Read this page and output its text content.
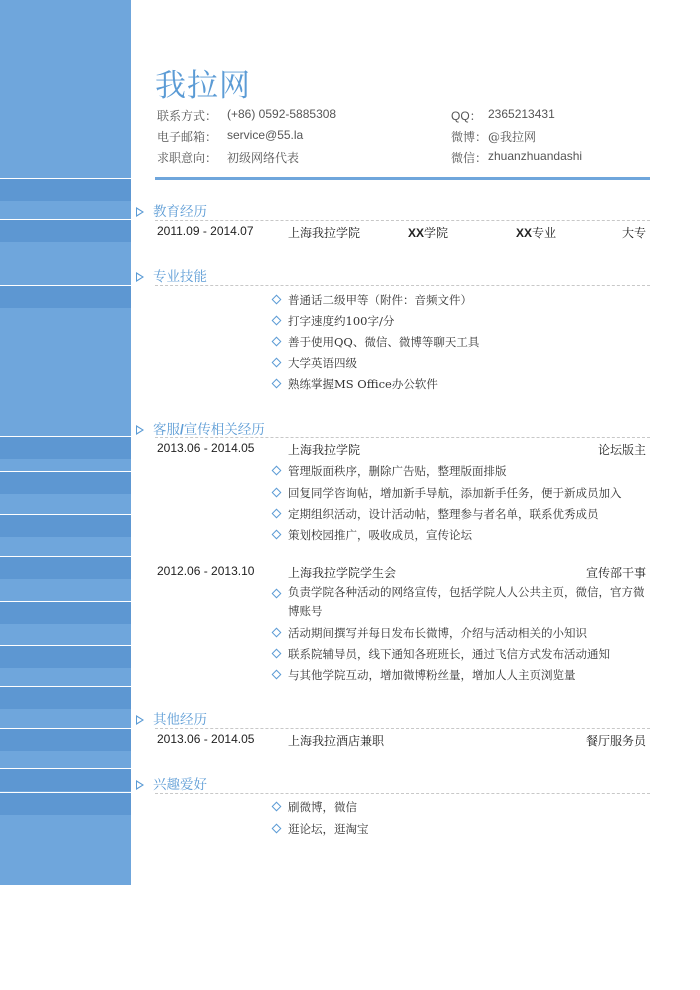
我拉网
联系方式： (+86) 0592-5885308	QQ： 2365213431
电子邮箱： service@55.la	微博： @我拉网
求职意向： 初级网络代表	微信： zhuanzhuandashi
教育经历
2011.09 - 2014.07	上海我拉学院	XX学院	XX专业	大专
专业技能
普通话二级甲等（附件：音频文件）
打字速度约100字/分
善于使用QQ、微信、微博等聊天工具
大学英语四级
熟练掌握MS Office办公软件
客服/宣传相关经历
2013.06 - 2014.05	上海我拉学院	论坛版主
管理版面秩序，删除广告贴，整理版面排版
回复同学咨询帖，增加新手导航，添加新手任务，便于新成员加入
定期组织活动，设计活动帖，整理参与者名单，联系优秀成员
策划校园推广，吸收成员，宣传论坛
2012.06 - 2013.10	上海我拉学院学生会	宣传部干事
负责学院各种活动的网络宣传，包括学院人人公共主页，微信，官方微博账号
活动期间撰写并每日发布长微博，介绍与活动相关的小知识
联系院辅导员，线下通知各班班长，通过飞信方式发布活动通知
与其他学院互动，增加微博粉丝量，增加人人主页浏览量
其他经历
2013.06 - 2014.05	上海我拉酒店兼职	餐厅服务员
兴趣爱好
刷微博，微信
逛论坛，逛淘宝
